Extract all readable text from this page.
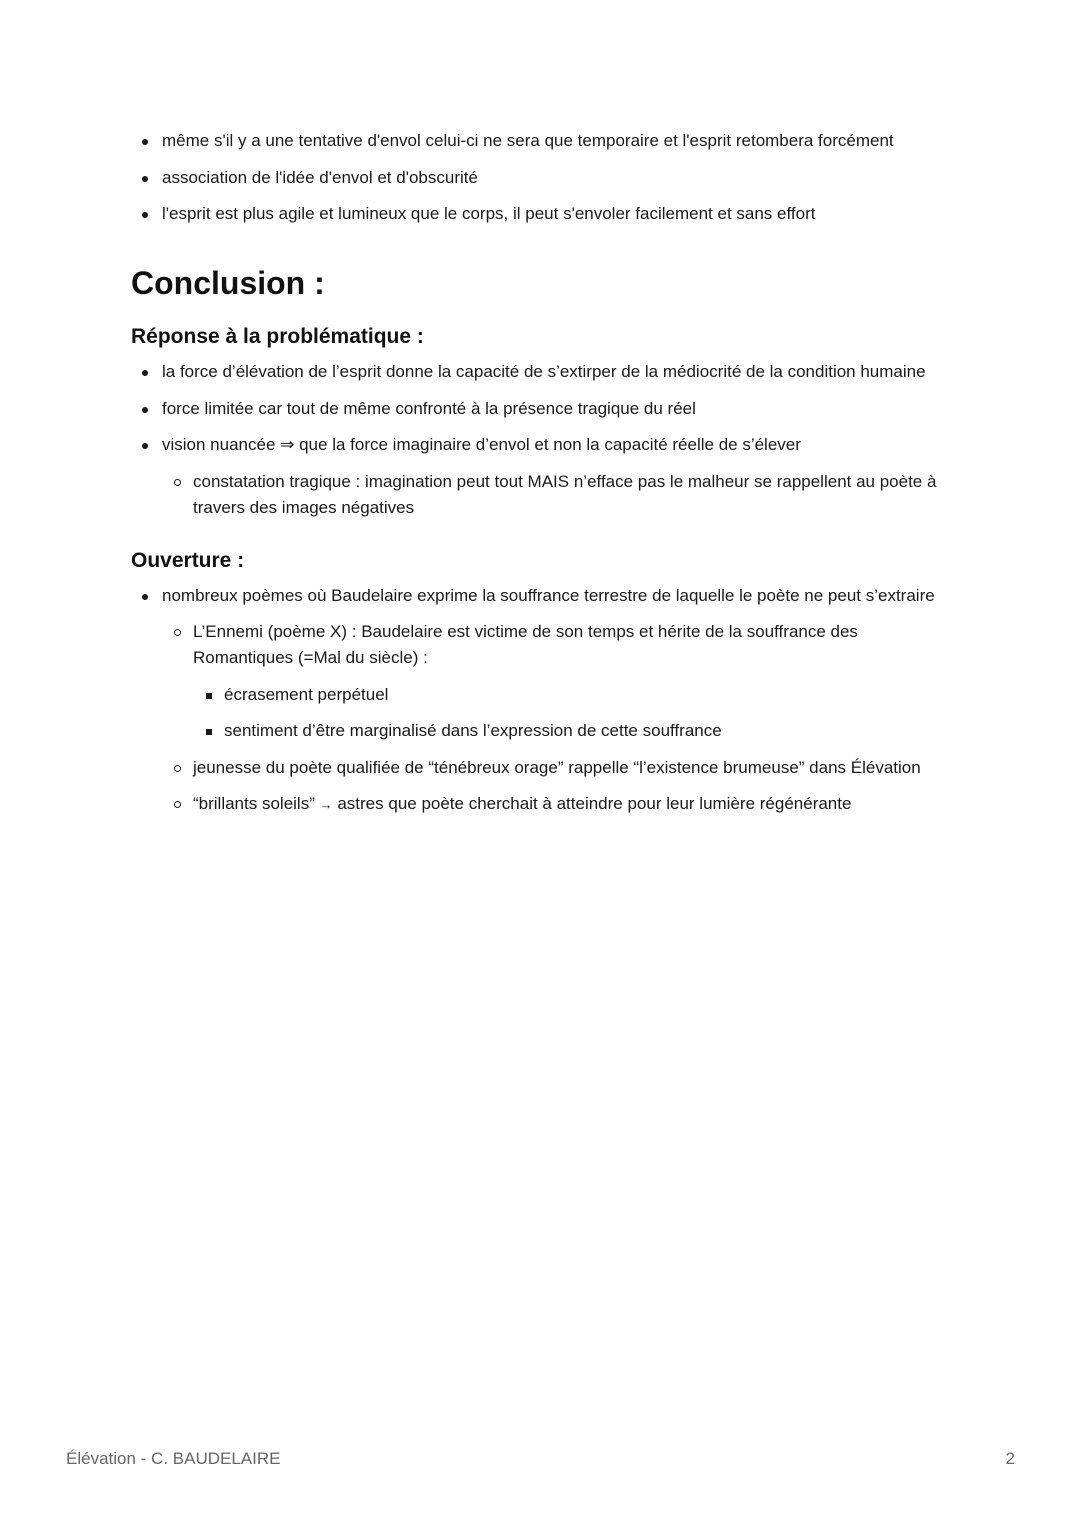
même s'il y a une tentative d'envol celui-ci ne sera que temporaire et l'esprit retombera forcément
association de l'idée d'envol et d'obscurité
l'esprit est plus agile et lumineux que le corps, il peut s'envoler facilement et sans effort
Conclusion :
Réponse à la problématique :
la force d’élévation de l’esprit donne la capacité de s’extirper de la médiocrité de la condition humaine
force limitée car tout de même confronté à la présence tragique du réel
vision nuancée ⇒ que la force imaginaire d’envol et non la capacité réelle de s’élever
constatation tragique : imagination peut tout MAIS n’efface pas le malheur se rappellent au poète à travers des images négatives
Ouverture :
nombreux poèmes où Baudelaire exprime la souffrance terrestre de laquelle le poète ne peut s’extraire
L’Ennemi (poème X) : Baudelaire est victime de son temps et hérite de la souffrance des Romantiques (=Mal du siècle) :
écrasement perpétuel
sentiment d’être marginalisé dans l’expression de cette souffrance
jeunesse du poète qualifiée de “ténébreux orage” rappelle “l’existence brumeuse” dans Élévation
“brillants soleils” → astres que poète cherchait à atteindre pour leur lumière régénérante
Élévation - C. BAUDELAIRE	2
